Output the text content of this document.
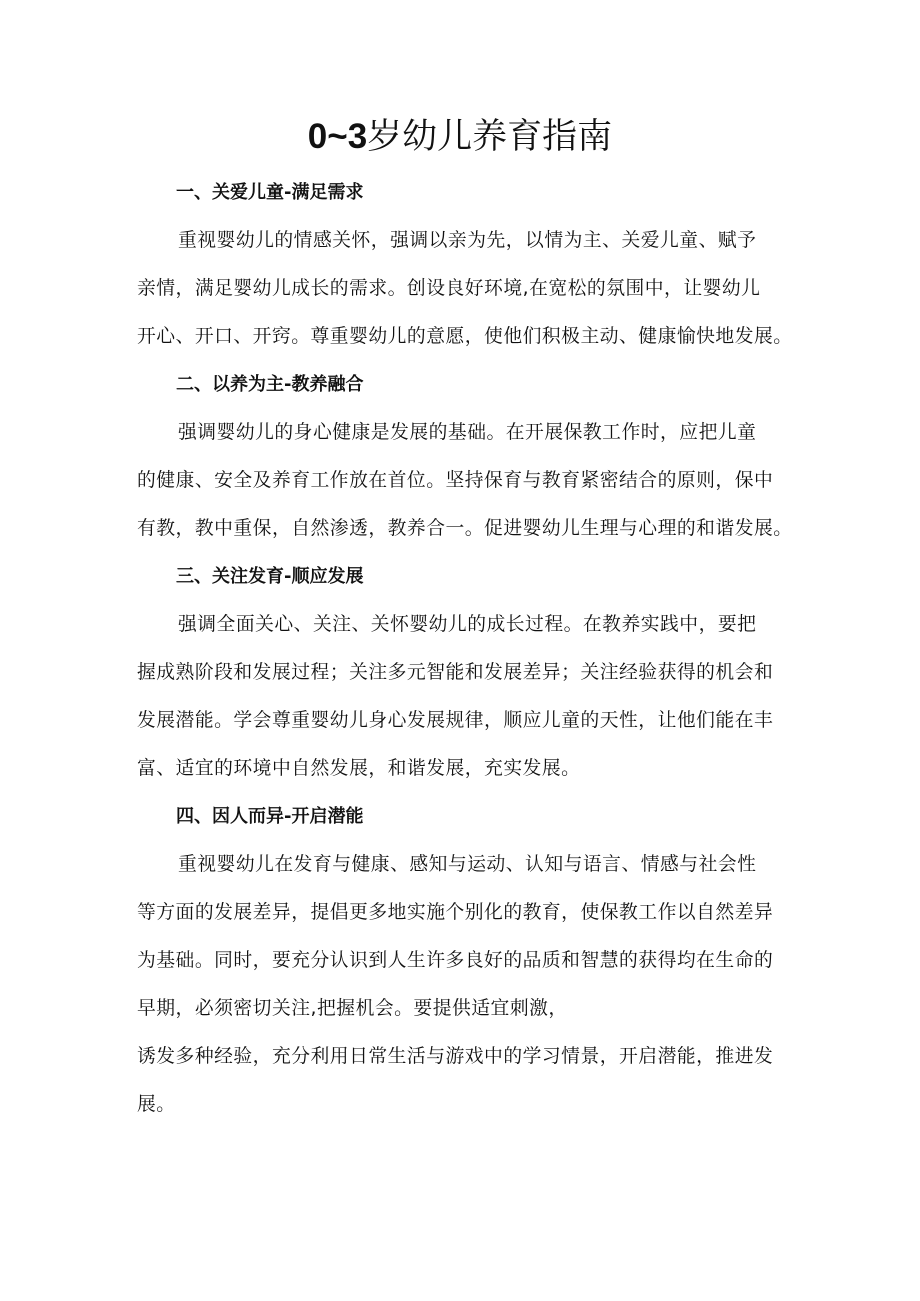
0~3岁幼儿养育指南
一、关爱儿童-满足需求
重视婴幼儿的情感关怀，强调以亲为先，以情为主、关爱儿童、赋予
亲情，满足婴幼儿成长的需求。创设良好环境,在宽松的氛围中，让婴幼儿
开心、开口、开窍。尊重婴幼儿的意愿，使他们积极主动、健康愉快地发展。
二、以养为主-教养融合
强调婴幼儿的身心健康是发展的基础。在开展保教工作时，应把儿童
的健康、安全及养育工作放在首位。坚持保育与教育紧密结合的原则，保中
有教，教中重保，自然渗透，教养合一。促进婴幼儿生理与心理的和谐发展。
三、关注发育-顺应发展
强调全面关心、关注、关怀婴幼儿的成长过程。在教养实践中，要把
握成熟阶段和发展过程；关注多元智能和发展差异；关注经验获得的机会和
发展潜能。学会尊重婴幼儿身心发展规律，顺应儿童的天性，让他们能在丰
富、适宜的环境中自然发展，和谐发展，充实发展。
四、因人而异-开启潜能
重视婴幼儿在发育与健康、感知与运动、认知与语言、情感与社会性
等方面的发展差异，提倡更多地实施个别化的教育，使保教工作以自然差异
为基础。同时，要充分认识到人生许多良好的品质和智慧的获得均在生命的
早期，必须密切关注,把握机会。要提供适宜刺激，
诱发多种经验，充分利用日常生活与游戏中的学习情景，开启潜能，推进发
展。
